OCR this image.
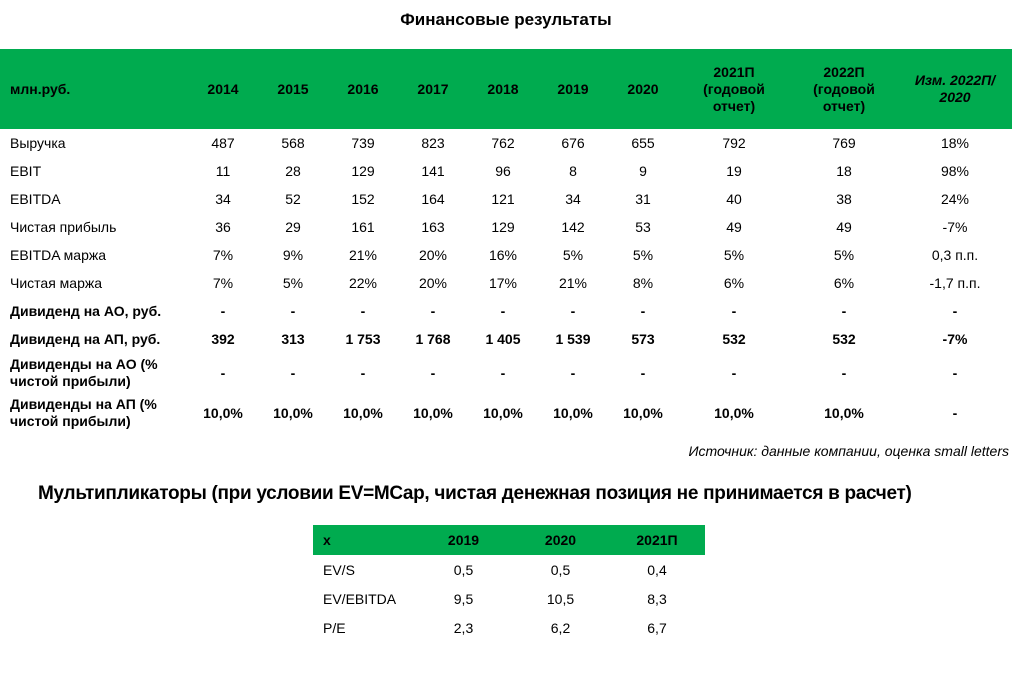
Финансовые результаты
млн.руб.	2014	2015	2016	2017	2018	2019	2020	2021П (годовой отчет)	2022П (годовой отчет)	Изм. 2022П/ 2020
Выручка	487	568	739	823	762	676	655	792	769	18%
EBIT	11	28	129	141	96	8	9	19	18	98%
EBITDA	34	52	152	164	121	34	31	40	38	24%
Чистая прибыль	36	29	161	163	129	142	53	49	49	-7%
EBITDA маржа	7%	9%	21%	20%	16%	5%	5%	5%	5%	0,3 п.п.
Чистая маржа	7%	5%	22%	20%	17%	21%	8%	6%	6%	-1,7 п.п.
Дивиденд на АО, руб.	-	-	-	-	-	-	-	-	-	-
Дивиденд на АП, руб.	392	313	1 753	1 768	1 405	1 539	573	532	532	-7%
Дивиденды на АО (% чистой прибыли)	-	-	-	-	-	-	-	-	-	-
Дивиденды на АП (% чистой прибыли)	10,0%	10,0%	10,0%	10,0%	10,0%	10,0%	10,0%	10,0%	10,0%	-
Источник: данные компании, оценка small letters
Мультипликаторы (при условии EV=MCap, чистая денежная позиция не принимается в расчет)
x	2019	2020	2021П
EV/S	0,5	0,5	0,4
EV/EBITDA	9,5	10,5	8,3
P/E	2,3	6,2	6,7
